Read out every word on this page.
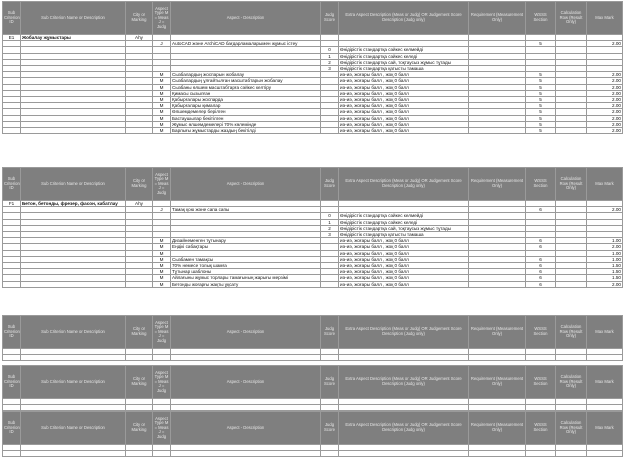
Sub Criterion ID	Sub Criterion Name or Description	City or Marking	Aspect Type M = Meas J = Judg	Aspect - Description	Judg Score	Extra Aspect Description (Meas or Judg) OR Judgement Score Description (Judg only)	Requirement (Measurement Only)	WSSS Section	Calculation Row (Result Only)	Max Mark
E1	Жобалау жұмыстары	Ahy								
			J	AutoCAD және ArchiCAD бағдарламаларымен жұмыс істеу				5		2.00
					0	Өнідірістік стандартқа сәйкес келмейді				
					1	Өнідірістік стандартқа сәйкес келеді				
					2	Өнідірістік стандартқа сай, тоқтаусыз жұмыс тұтады				
					3	Өнідірістік стандартқа қатысты тамаша				
			M	Сызбалардың жоспарын жобалау		иә-иә, жоғары балл , жоқ 0 балл		5		2.00
			M	Сызбалардың ұлғайтылған масштабтарын жобалау		иә-иә, жоғары балл , жоқ 0 балл		5		2.00
			M	Сызбаны өлшем масштабтарға сәйкес келтіру		иә-иә, жоғары балл , жоқ 0 балл		5		2.00
			M	Қимасы сызылған		иә-иә, жоғары балл , жоқ 0 балл		5		2.00
			M	Қабырғалары жоспарда		иә-иә, жоғары балл , жоқ 0 балл		5		2.00
			M	Қабырғалары қималар		иә-иә, жоғары балл , жоқ 0 балл		5		2.00
			M	Өлшемдемелер берілген		иә-иә, жоғары балл , жоқ 0 балл		5		2.00
			M	Бастаушылар бекітілген		иә-иә, жоғары балл , жоқ 0 балл		5		2.00
			M	Жұмыс өлшемдемелері 70% көлемінде		иә-иә, жоғары балл , жоқ 0 балл		5		2.00
			M	Барлығы жұмыстарды жаздың бекітілді		иә-иә, жоғары балл , жоқ 0 балл		5		2.00
Sub Criterion ID	Sub Criterion Name or Description	City or Marking	Aspect Type M = Meas J = Judg	Aspect - Description	Judg Score	Extra Aspect Description (Meas or Judg) OR Judgement Score Description (Judg only)	Requirement (Measurement Only)	WSSS Section	Calculation Row (Result Only)	Max Mark
F1	Бетон, бетонды, фрезер, фасон, кабатлау	Ahy								
			J	Тамақ қою және сапа сапы				6		2.00
					0	Өнідірістік стандартқа сәйкес келмейді				
					1	Өнідірістік стандартқа сәйкес келеді				
					2	Өнідірістік стандартқа сай, тоқтаусыз жұмыс тұтады				
					3	Өнідірістік стандартқа қатысты тамаша				
			M	Дизайнеменген тұтынару		иә-иә, жоғары балл , жоқ 0 балл		6		1.00
			M	Ендікі сабақтары		иә-иә, жоғары балл , жоқ 0 балл		6		2.00
			M			иә-иә, жоғары балл , жоқ 0 балл				1.00
			M	Сызбамен тамақсы		иә-иә, жоғары балл , жоқ 0 балл		6		1.00
			M	70% немесе толық шамға		иә-иә, жоғары балл , жоқ 0 балл		6		1.50
			M	Тұтынар шаблоны		иә-иә, жоғары балл , жоқ 0 балл		6		1.50
			M	Айлағыны жұмыс торлары тамағының жарығы мерзімі		иә-иә, жоғары балл , жоқ 0 балл		6		1.50
			M	Бетонды жоғарғы жақты ұқсату		иә-иә, жоғары балл , жоқ 0 балл		6		2.00
Sub Criterion ID	Sub Criterion Name or Description	City or Marking	Aspect Type M = Meas J = Judg	Aspect - Description	Judg Score	Extra Aspect Description (Meas or Judg) OR Judgement Score Description (Judg only)	Requirement (Measurement Only)	WSSS Section	Calculation Row (Result Only)	Max Mark

Sub Criterion ID	Sub Criterion Name or Description	City or Marking	Aspect Type M = Meas J = Judg	Aspect - Description	Judg Score	Extra Aspect Description (Meas or Judg) OR Judgement Score Description (Judg only)	Requirement (Measurement Only)	WSSS Section	Calculation Row (Result Only)	Max Mark

Sub Criterion ID	Sub Criterion Name or Description	City or Marking	Aspect Type M = Meas J = Judg	Aspect - Description	Judg Score	Extra Aspect Description (Meas or Judg) OR Judgement Score Description (Judg only)	Requirement (Measurement Only)	WSSS Section	Calculation Row (Result Only)	Max Mark
